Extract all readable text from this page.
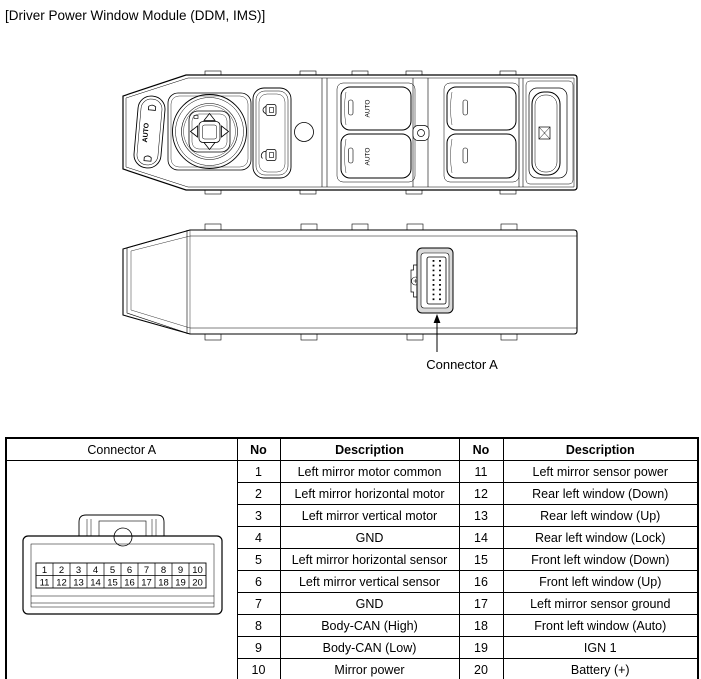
[Driver Power Window Module (DDM, IMS)]
AUTO
AUTO
AUTO
Connector A
Connector A	No	Description	No	Description

1 2 3 4 5 6 7 8 9 10
11 12 13 14 15 16 17 18 19 20
	1	Left mirror motor common	11	Left mirror sensor power
	2	Left mirror horizontal motor	12	Rear left window (Down)
	3	Left mirror vertical motor	13	Rear left window (Up)
	4	GND	14	Rear left window (Lock)
	5	Left mirror horizontal sensor	15	Front left window (Down)
	6	Left mirror vertical sensor	16	Front left window (Up)
	7	GND	17	Left mirror sensor ground
	8	Body-CAN (High)	18	Front left window (Auto)
	9	Body-CAN (Low)	19	IGN 1
	10	Mirror power	20	Battery (+)
